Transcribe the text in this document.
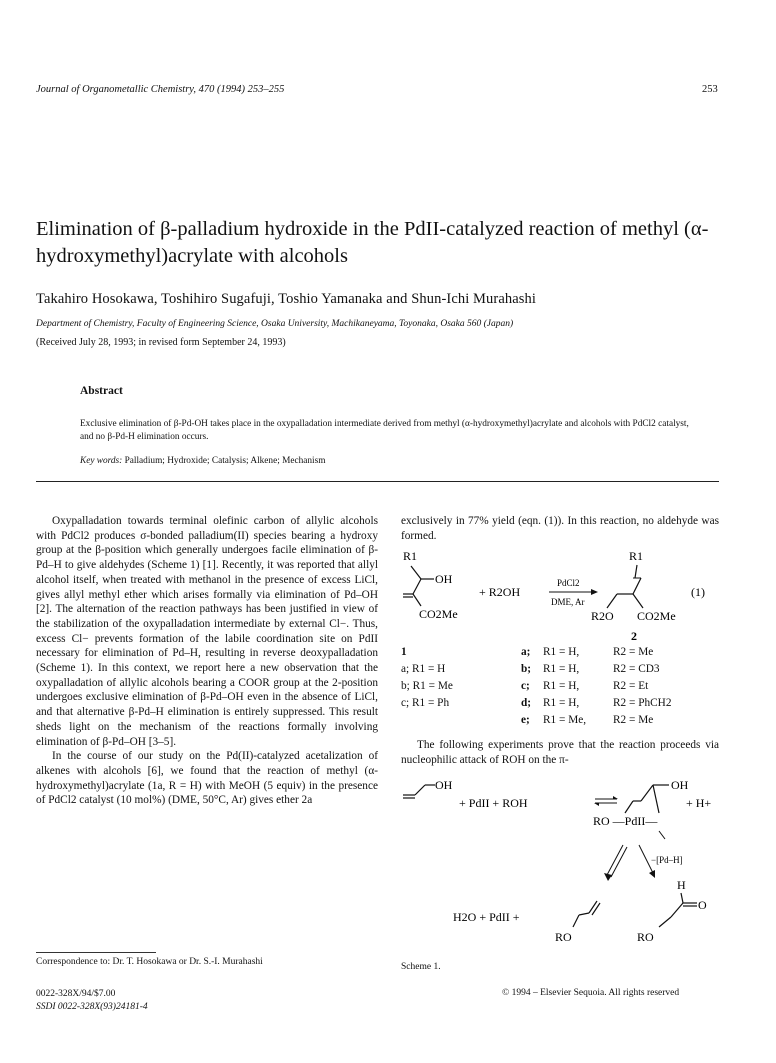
Journal of Organometallic Chemistry, 470 (1994) 253–255	253
Elimination of β-palladium hydroxide in the PdII-catalyzed reaction of methyl (α-hydroxymethyl)acrylate with alcohols
Takahiro Hosokawa, Toshihiro Sugafuji, Toshio Yamanaka and Shun-Ichi Murahashi
Department of Chemistry, Faculty of Engineering Science, Osaka University, Machikaneyama, Toyonaka, Osaka 560 (Japan)
(Received July 28, 1993; in revised form September 24, 1993)
Abstract
Exclusive elimination of β-Pd-OH takes place in the oxypalladation intermediate derived from methyl (α-hydroxymethyl)acrylate and alcohols with PdCl2 catalyst, and no β-Pd-H elimination occurs.
Key words: Palladium; Hydroxide; Catalysis; Alkene; Mechanism

Oxypalladation towards terminal olefinic carbon of allylic alcohols with PdCl2 produces σ-bonded palladium(II) species bearing a hydroxy group at the β-position which generally undergoes facile elimination of β-Pd–H to give aldehydes (Scheme 1) [1]. Recently, it was reported that allyl alcohol itself, when treated with methanol in the presence of excess LiCl, gives allyl methyl ether which arises formally via elimination of Pd–OH [2]. The alternation of the reaction pathways has been justified in view of the stabilization of the oxypalladation intermediate by external Cl−. Thus, excess Cl− prevents formation of the labile coordination site on PdII necessary for elimination of Pd–H, resulting in reverse deoxypalladation (Scheme 1). In this context, we report here a new observation that the oxypalladation of allylic alcohols bearing a COOR group at the 2-position undergoes exclusive elimination of β-Pd–OH even in the absence of LiCl, and that alternative β-Pd–H elimination is entirely suppressed. This result sheds light on the mechanism of the reactions formally involving elimination of β-Pd–OH [3–5].

In the course of our study on the Pd(II)-catalyzed acetalization of alkenes with alcohols [6], we found that the reaction of methyl (α-hydroxymethyl)acrylate (1a, R = H) with MeOH (5 equiv) in the presence of PdCl2 catalyst (10 mol%) (DME, 50°C, Ar) gives ether 2a

exclusively in 77% yield (eqn. (1)). In this reaction, no aldehyde was formed.
R1
OH
CO2Me
+ R2OH
PdCl2
DME, Ar
R1
R2O CO2Me
(1)
2
1	a;	R1 = H,	R2 = Me
a; R1 = H	b;	R1 = H,	R2 = CD3
b; R1 = Me	c;	R1 = H,	R2 = Et
c; R1 = Ph	d;	R1 = H,	R2 = PhCH2
	e;	R1 = Me,	R2 = Me
The following experiments prove that the reaction proceeds via nucleophilic attack of ROH on the π-
OH
+ PdII + ROH
OH
+ H+
RO —PdII—
−[Pd–H]
H
O
RO
H2O + PdII +
RO
Correspondence to: Dr. T. Hosokawa or Dr. S.-I. Murahashi
0022-328X/94/$7.00
SSDI 0022-328X(93)24181-4
Scheme 1.
© 1994 – Elsevier Sequoia. All rights reserved
